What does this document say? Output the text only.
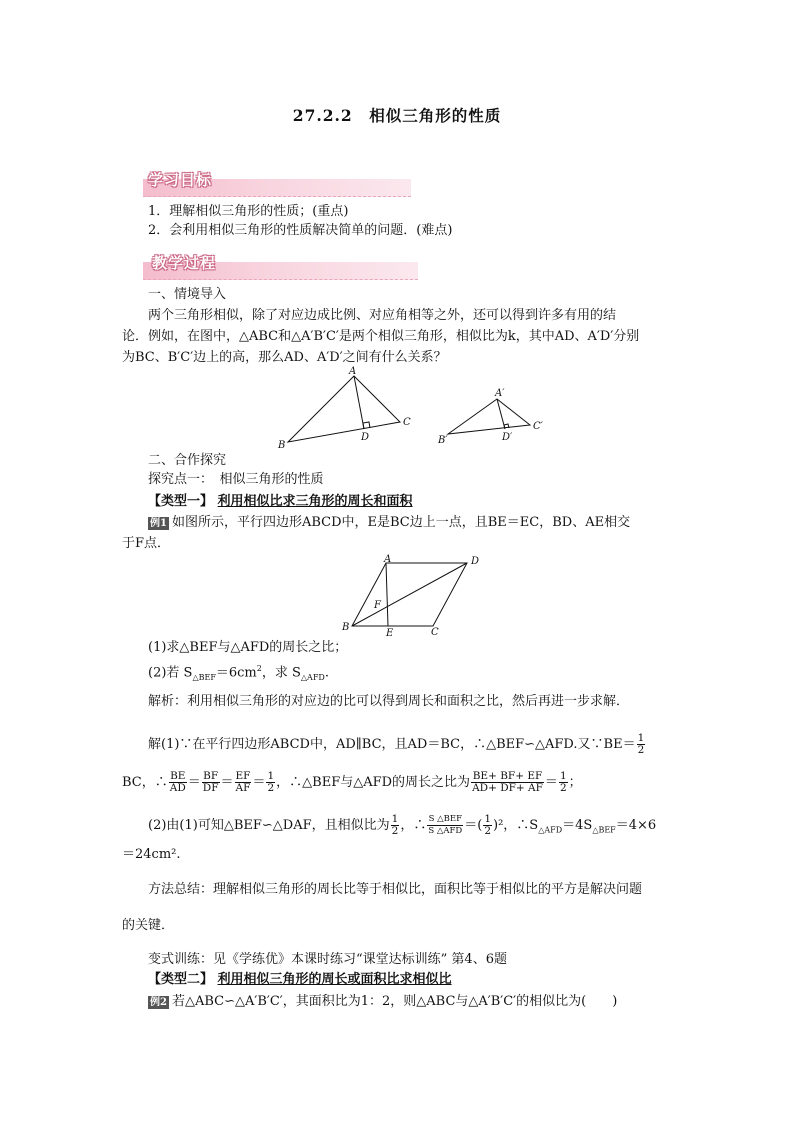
27.2.2　相似三角形的性质
学习目标
1．理解相似三角形的性质；(重点)
2．会利用相似三角形的性质解决简单的问题．(难点)
教学过程
一、情境导入
两个三角形相似，除了对应边成比例、对应角相等之外，还可以得到许多有用的结
论．例如，在图中，△ABC和△A′B′C′是两个相似三角形，相似比为k，其中AD、A′D′分别
为BC、B′C′边上的高，那么AD、A′D′之间有什么关系？
A
B
C
D
A′
B′
C′
D′
二、合作探究
探究点一：　相似三角形的性质
【类型一】 利用相似比求三角形的周长和面积
例1 如图所示，平行四边形ABCD中，E是BC边上一点，且BE＝EC，BD、AE相交
于F点．
A	D
B	C
E
F
(1)求△BEF与△AFD的周长之比；
(2)若 $S_{\triangle BEF}=6cm^2$，求 $S_{\triangle AFD}$.
解析：利用相似三角形的对应边的比可以得到周长和面积之比，然后再进一步求解．
解(1)∵在平行四边形ABCD中，AD∥BC，且AD＝BC，∴△BEF∽△AFD.又∵BE＝ $\frac{1}{2}$
BC，∴ $\frac{BE}{AD} = \frac{BF}{DF} = \frac{EF}{AF} = \frac{1}{2}$ ，∴△BEF与△AFD的周长之比为 $\frac{BE+ BF+ EF}{AD+ DF+ AF} = \frac{1}{2}$ ；
(2)由(1)可知△BEF∽△DAF，且相似比为 $\frac{1}{2}$ ，∴ $\frac{\text{S △BEF}}{\text{S △AFD}}$ ＝( $\frac{1}{2} )^2$，$\therefore S_{\triangle AFD}=4S_{\triangle BEF}=4\times 6$
＝24cm².
方法总结：理解相似三角形的周长比等于相似比，面积比等于相似比的平方是解决问题
的关键．
变式训练：见《学练优》本课时练习“课堂达标训练” 第4、6题
【类型二】 利用相似三角形的周长或面积比求相似比
例2 若△ABC∽△A′B′C′，其面积比为1：2，则△ABC与△A′B′C′的相似比为(　　)
